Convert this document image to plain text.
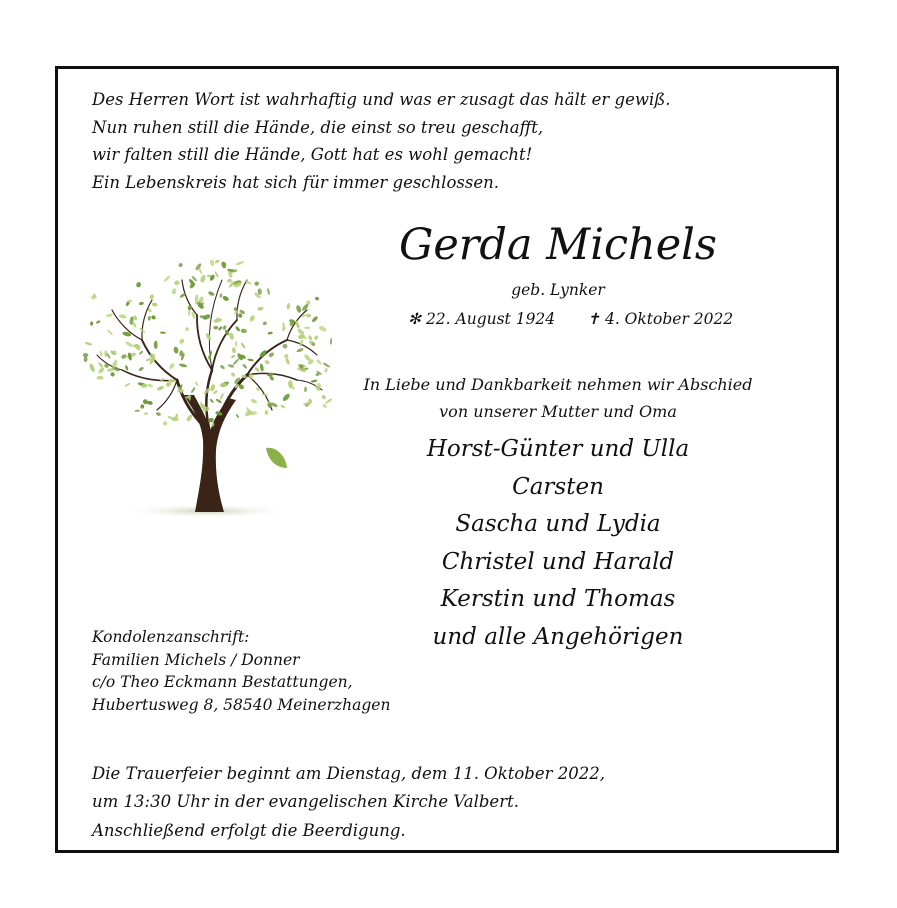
Des Herren Wort ist wahrhaftig und was er zusagt das hält er gewiß.
Nun ruhen still die Hände, die einst so treu geschafft,
wir falten still die Hände, Gott hat es wohl gemacht!
Ein Lebenskreis hat sich für immer geschlossen.
Gerda Michels
geb. Lynker
✻ 22. August 1924 ✝ 4. Oktober 2022
In Liebe und Dankbarkeit nehmen wir Abschied
von unserer Mutter und Oma
Horst-Günter und Ulla
Carsten
Sascha und Lydia
Christel und Harald
Kerstin und Thomas
und alle Angehörigen
Kondolenzanschrift:
Familien Michels / Donner
c/o Theo Eckmann Bestattungen,
Hubertusweg 8, 58540 Meinerzhagen
Die Trauerfeier beginnt am Dienstag, dem 11. Oktober 2022,
um 13:30 Uhr in der evangelischen Kirche Valbert.
Anschließend erfolgt die Beerdigung.
